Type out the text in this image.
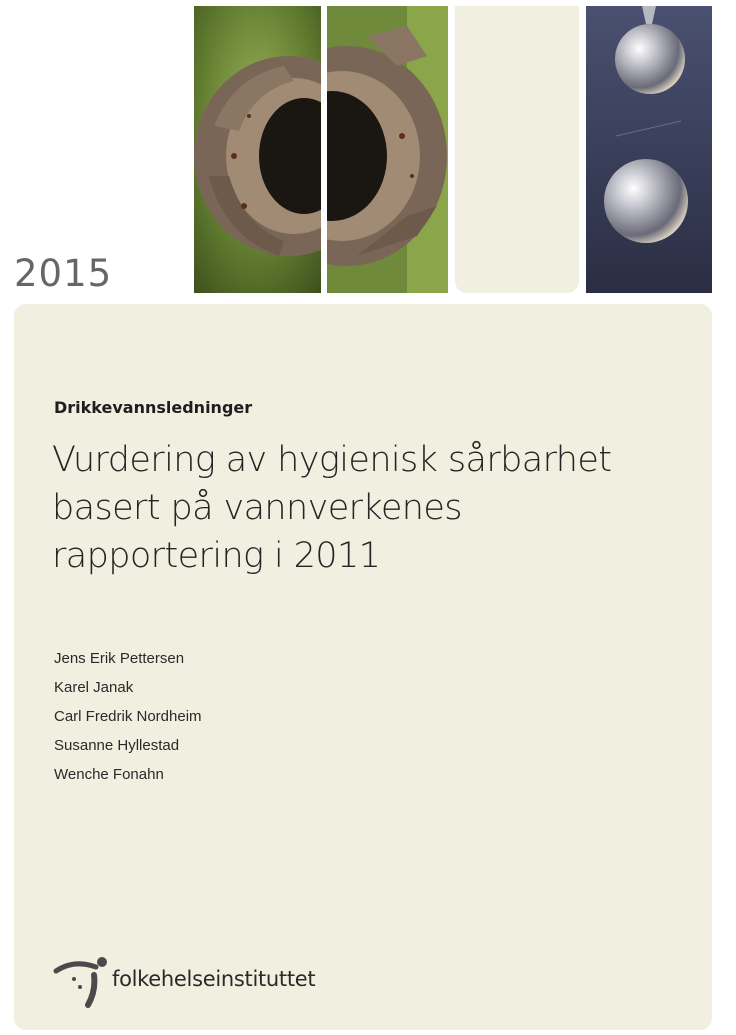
2015
Drikkevannsledninger
Vurdering av hygienisk sårbarhet
basert på vannverkenes
rapportering i 2011
Jens Erik Pettersen
Karel Janak
Carl Fredrik Nordheim
Susanne Hyllestad
Wenche Fonahn
folkehelseinstituttet
